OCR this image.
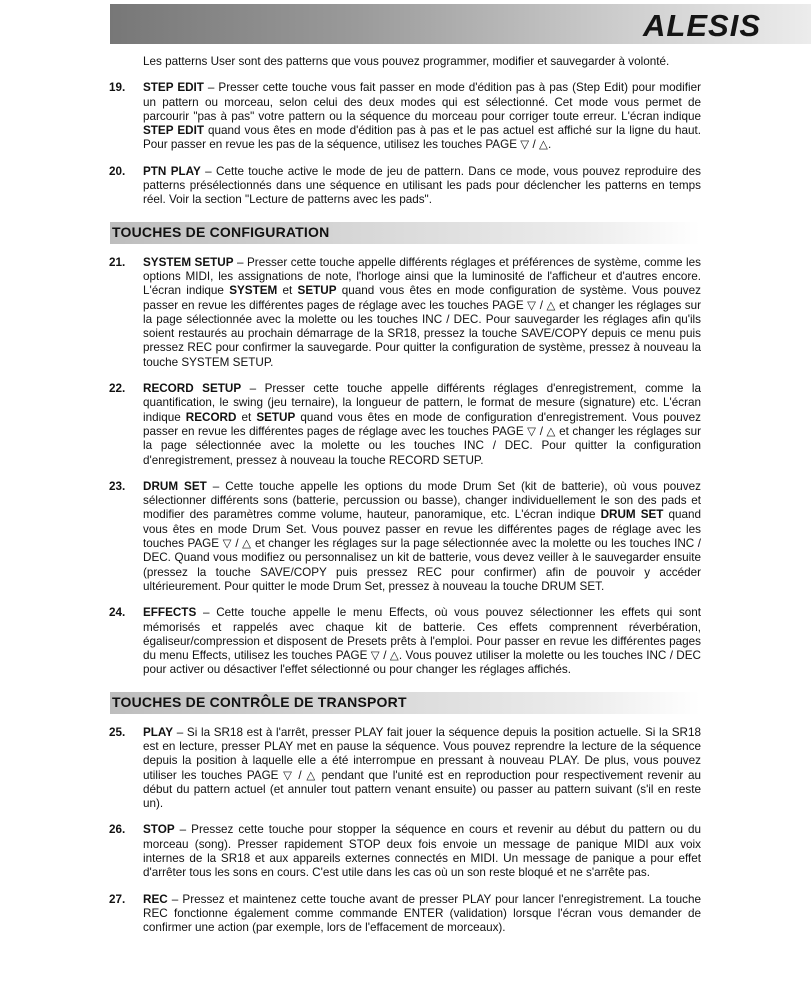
ALESIS

Les patterns User sont des patterns que vous pouvez programmer, modifier et sauvegarder à volonté.

19. STEP EDIT – Presser cette touche vous fait passer en mode d'édition pas à pas (Step Edit) pour modifier un pattern ou morceau, selon celui des deux modes qui est sélectionné. Cet mode vous permet de parcourir "pas à pas" votre pattern ou la séquence du morceau pour corriger toute erreur. L'écran indique STEP EDIT quand vous êtes en mode d'édition pas à pas et le pas actuel est affiché sur la ligne du haut. Pour passer en revue les pas de la séquence, utilisez les touches PAGE ▽ / △.
20. PTN PLAY – Cette touche active le mode de jeu de pattern. Dans ce mode, vous pouvez reproduire des patterns présélectionnés dans une séquence en utilisant les pads pour déclencher les patterns en temps réel. Voir la section "Lecture de patterns avec les pads".
TOUCHES DE CONFIGURATION
21. SYSTEM SETUP – Presser cette touche appelle différents réglages et préférences de système, comme les options MIDI, les assignations de note, l'horloge ainsi que la luminosité de l'afficheur et d'autres encore. L'écran indique SYSTEM et SETUP quand vous êtes en mode configuration de système. Vous pouvez passer en revue les différentes pages de réglage avec les touches PAGE ▽ / △ et changer les réglages sur la page sélectionnée avec la molette ou les touches INC / DEC. Pour sauvegarder les réglages afin qu'ils soient restaurés au prochain démarrage de la SR18, pressez la touche SAVE/COPY depuis ce menu puis pressez REC pour confirmer la sauvegarde. Pour quitter la configuration de système, pressez à nouveau la touche SYSTEM SETUP.
22. RECORD SETUP – Presser cette touche appelle différents réglages d'enregistrement, comme la quantification, le swing (jeu ternaire), la longueur de pattern, le format de mesure (signature) etc. L'écran indique RECORD et SETUP quand vous êtes en mode de configuration d'enregistrement. Vous pouvez passer en revue les différentes pages de réglage avec les touches PAGE ▽ / △ et changer les réglages sur la page sélectionnée avec la molette ou les touches INC / DEC. Pour quitter la configuration d'enregistrement, pressez à nouveau la touche RECORD SETUP.
23. DRUM SET – Cette touche appelle les options du mode Drum Set (kit de batterie), où vous pouvez sélectionner différents sons (batterie, percussion ou basse), changer individuellement le son des pads et modifier des paramètres comme volume, hauteur, panoramique, etc. L'écran indique DRUM SET quand vous êtes en mode Drum Set. Vous pouvez passer en revue les différentes pages de réglage avec les touches PAGE ▽ / △ et changer les réglages sur la page sélectionnée avec la molette ou les touches INC / DEC. Quand vous modifiez ou personnalisez un kit de batterie, vous devez veiller à le sauvegarder ensuite (pressez la touche SAVE/COPY puis pressez REC pour confirmer) afin de pouvoir y accéder ultérieurement. Pour quitter le mode Drum Set, pressez à nouveau la touche DRUM SET.
24. EFFECTS – Cette touche appelle le menu Effects, où vous pouvez sélectionner les effets qui sont mémorisés et rappelés avec chaque kit de batterie. Ces effets comprennent réverbération, égaliseur/compression et disposent de Presets prêts à l'emploi. Pour passer en revue les différentes pages du menu Effects, utilisez les touches PAGE ▽ / △. Vous pouvez utiliser la molette ou les touches INC / DEC pour activer ou désactiver l'effet sélectionné ou pour changer les réglages affichés.
TOUCHES DE CONTRÔLE DE TRANSPORT
25. PLAY – Si la SR18 est à l'arrêt, presser PLAY fait jouer la séquence depuis la position actuelle. Si la SR18 est en lecture, presser PLAY met en pause la séquence. Vous pouvez reprendre la lecture de la séquence depuis la position à laquelle elle a été interrompue en pressant à nouveau PLAY. De plus, vous pouvez utiliser les touches PAGE ▽ / △ pendant que l'unité est en reproduction pour respectivement revenir au début du pattern actuel (et annuler tout pattern venant ensuite) ou passer au pattern suivant (s'il en reste un).
26. STOP – Pressez cette touche pour stopper la séquence en cours et revenir au début du pattern ou du morceau (song). Presser rapidement STOP deux fois envoie un message de panique MIDI aux voix internes de la SR18 et aux appareils externes connectés en MIDI. Un message de panique a pour effet d'arrêter tous les sons en cours. C'est utile dans les cas où un son reste bloqué et ne s'arrête pas.
27. REC – Pressez et maintenez cette touche avant de presser PLAY pour lancer l'enregistrement. La touche REC fonctionne également comme commande ENTER (validation) lorsque l'écran vous demander de confirmer une action (par exemple, lors de l'effacement de morceaux).
